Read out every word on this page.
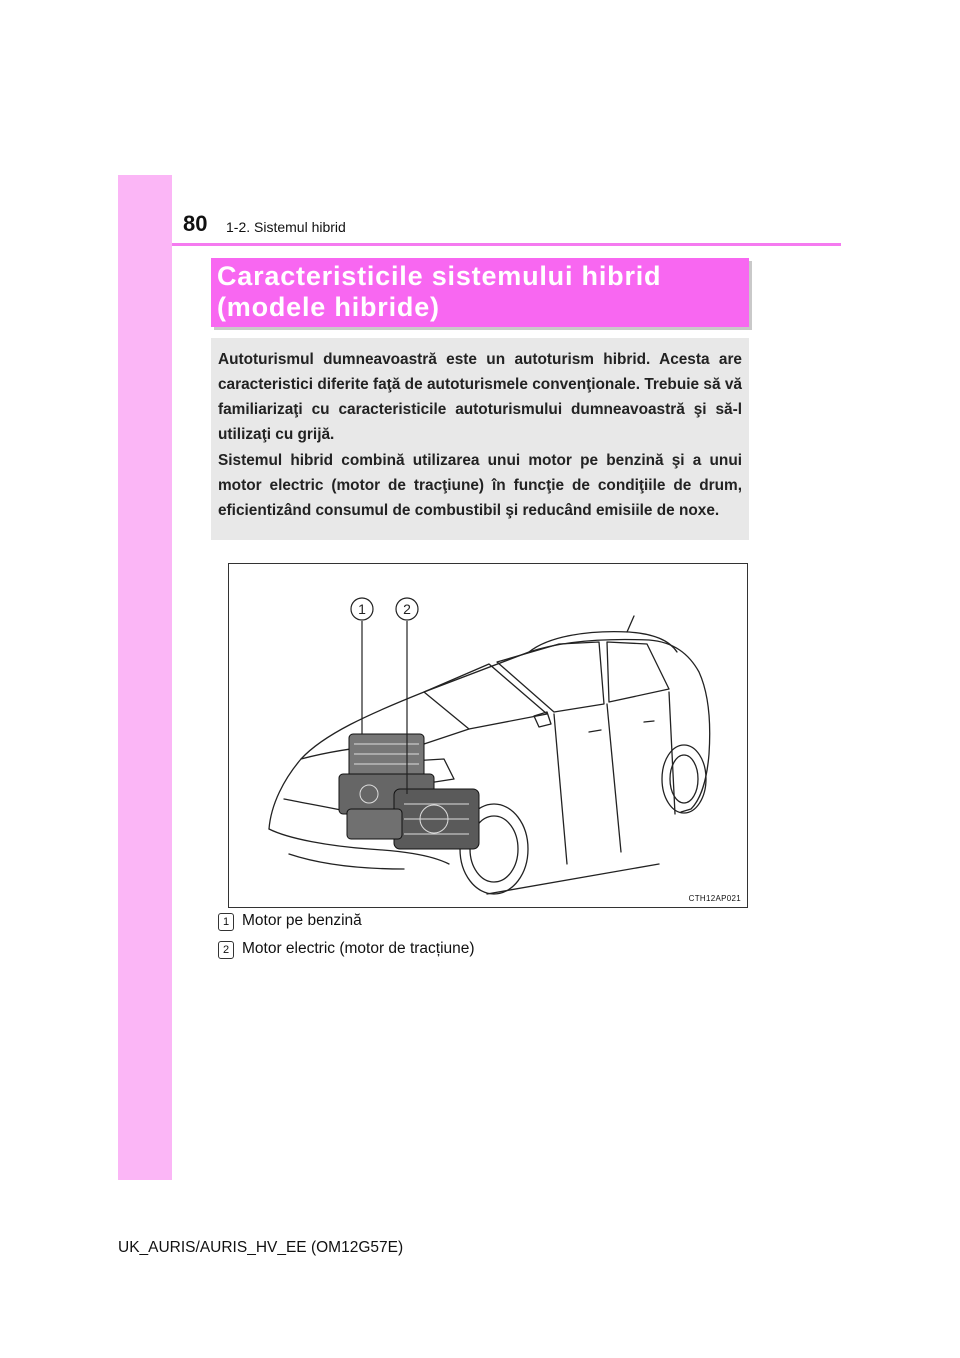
80 1-2. Sistemul hibrid
Caracteristicile sistemului hibrid
(modele hibride)

Autoturismul dumneavoastră este un autoturism hibrid. Acesta are caracteristici diferite faţă de autoturismele convenţionale. Trebuie să vă familiarizaţi cu caracteristicile autoturismului dumneavoastră şi să-l utilizaţi cu grijă.

Sistemul hibrid combină utilizarea unui motor pe benzină şi a unui motor electric (motor de tracţiune) în funcţie de condiţiile de drum, eficientizând consumul de combustibil şi reducând emisiile de noxe.

1	2
CTH12AP021
1 Motor pe benzină
2 Motor electric (motor de tracțiune)
UK_AURIS/AURIS_HV_EE (OM12G57E)
